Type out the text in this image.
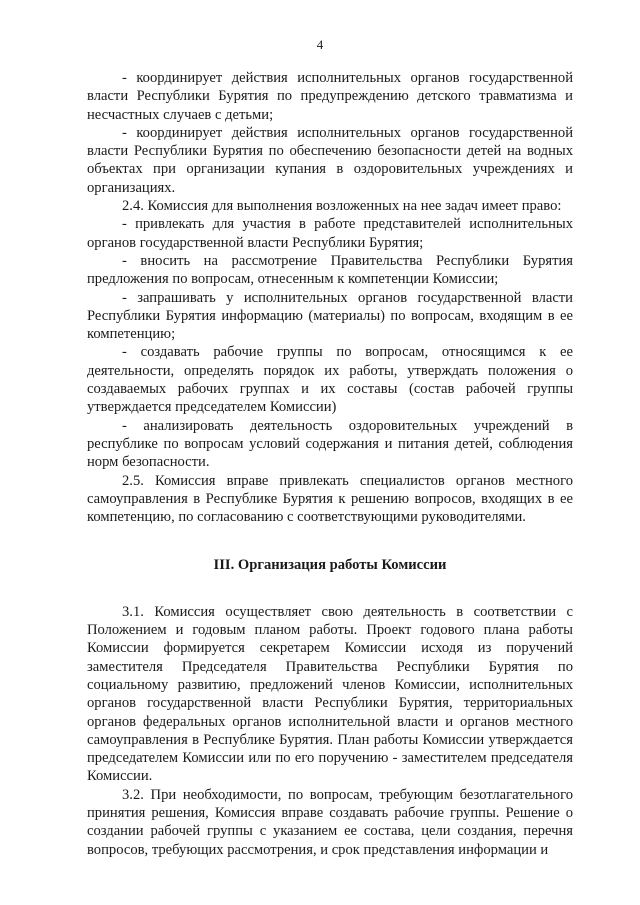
4

- координирует действия исполнительных органов государственной власти Республики Бурятия по предупреждению детского травматизма и несчастных случаев с детьми;

- координирует действия исполнительных органов государственной власти Республики Бурятия по обеспечению безопасности детей на водных объектах при организации купания в оздоровительных учреждениях и организациях.

2.4. Комиссия для выполнения возложенных на нее задач имеет право:

- привлекать для участия в работе представителей исполнительных органов государственной власти Республики Бурятия;

- вносить на рассмотрение Правительства Республики Бурятия предложения по вопросам, отнесенным к компетенции Комиссии;

- запрашивать у исполнительных органов государственной власти Республики Бурятия информацию (материалы) по вопросам, входящим в ее компетенцию;

- создавать рабочие группы по вопросам, относящимся к ее деятельности, определять порядок их работы, утверждать положения о создаваемых рабочих группах и их составы (состав рабочей группы утверждается председателем Комиссии)

- анализировать деятельность оздоровительных учреждений в республике по вопросам условий содержания и питания детей, соблюдения норм безопасности.

2.5. Комиссия вправе привлекать специалистов органов местного самоуправления в Республике Бурятия к решению вопросов, входящих в ее компетенцию, по согласованию с соответствующими руководителями.

III. Организация работы Комиссии

3.1. Комиссия осуществляет свою деятельность в соответствии с Положением и годовым планом работы. Проект годового плана работы Комиссии формируется секретарем Комиссии исходя из поручений заместителя Председателя Правительства Республики Бурятия по социальному развитию, предложений членов Комиссии, исполнительных органов государственной власти Республики Бурятия, территориальных органов федеральных органов исполнительной власти и органов местного самоуправления в Республике Бурятия. План работы Комиссии утверждается председателем Комиссии или по его поручению - заместителем председателя Комиссии.

3.2. При необходимости, по вопросам, требующим безотлагательного принятия решения, Комиссия вправе создавать рабочие группы. Решение о создании рабочей группы с указанием ее состава, цели создания, перечня вопросов, требующих рассмотрения, и срок представления информации и
